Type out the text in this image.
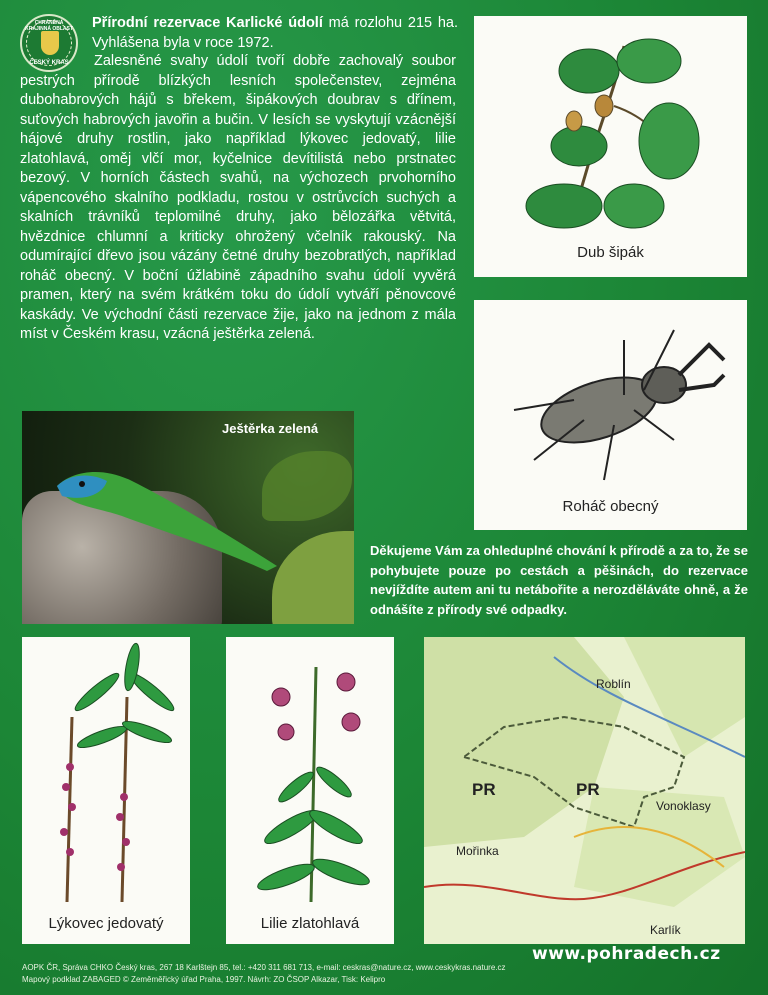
CHRÁNĚNÁ KRAJINNÁ OBLAST
ČESKÝ KRAS
Přírodní rezervace Karlické údolí má rozlohu 215 ha. Vyhlášena byla v roce 1972.
Zalesněné svahy údolí tvoří dobře zachovalý soubor pestrých přírodě blízkých lesních společenstev, zejména dubohabrových hájů s břekem, šipákových doubrav s dřínem, suťových habrových javořin a bučin. V lesích se vyskytují vzácnější hájové druhy rostlin, jako například lýkovec jedovatý, lilie zlatohlavá, oměj vlčí mor, kyčelnice devítilistá nebo prstnatec bezový. V horních částech svahů, na výchozech prvohorního vápencového skalního podkladu, rostou v ostrůvcích suchých a skalních trávníků teplomilné druhy, jako bělozářka větvitá, hvězdnice chlumní a kriticky ohrožený včelník rakouský. Na odumírající dřevo jsou vázány četné druhy bezobratlých, například roháč obecný. V boční úžlabině západního svahu údolí vyvěrá pramen, který na svém krátkém toku do údolí vytváří pěnovcové kaskády. Ve východní části rezervace žije, jako na jednom z mála míst v Českém krasu, vzácná ještěrka zelená.
Dub šipák
Roháč obecný
Ještěrka zelená
Děkujeme Vám za ohleduplné chování k přírodě a za to, že se pohybujete pouze po cestách a pěšinách, do rezervace nevjíždíte autem ani tu netábořite a nerozděláváte ohně, a že odnášíte z přírody své odpadky.
Lýkovec jedovatý	Lilie zlatohlavá
Roblín
PR	PR
Vonoklasy
Mořinka
Karlík
AOPK ČR, Správa CHKO Český kras, 267 18 Karlštejn 85, tel.: +420 311 681 713, e-mail: ceskras@nature.cz, www.ceskykras.nature.cz
Mapový podklad ZABAGED © Zeměměřický úřad Praha, 1997. Návrh: ZO ČSOP Alkazar, Tisk: Kelipro
www.pohradech.cz
